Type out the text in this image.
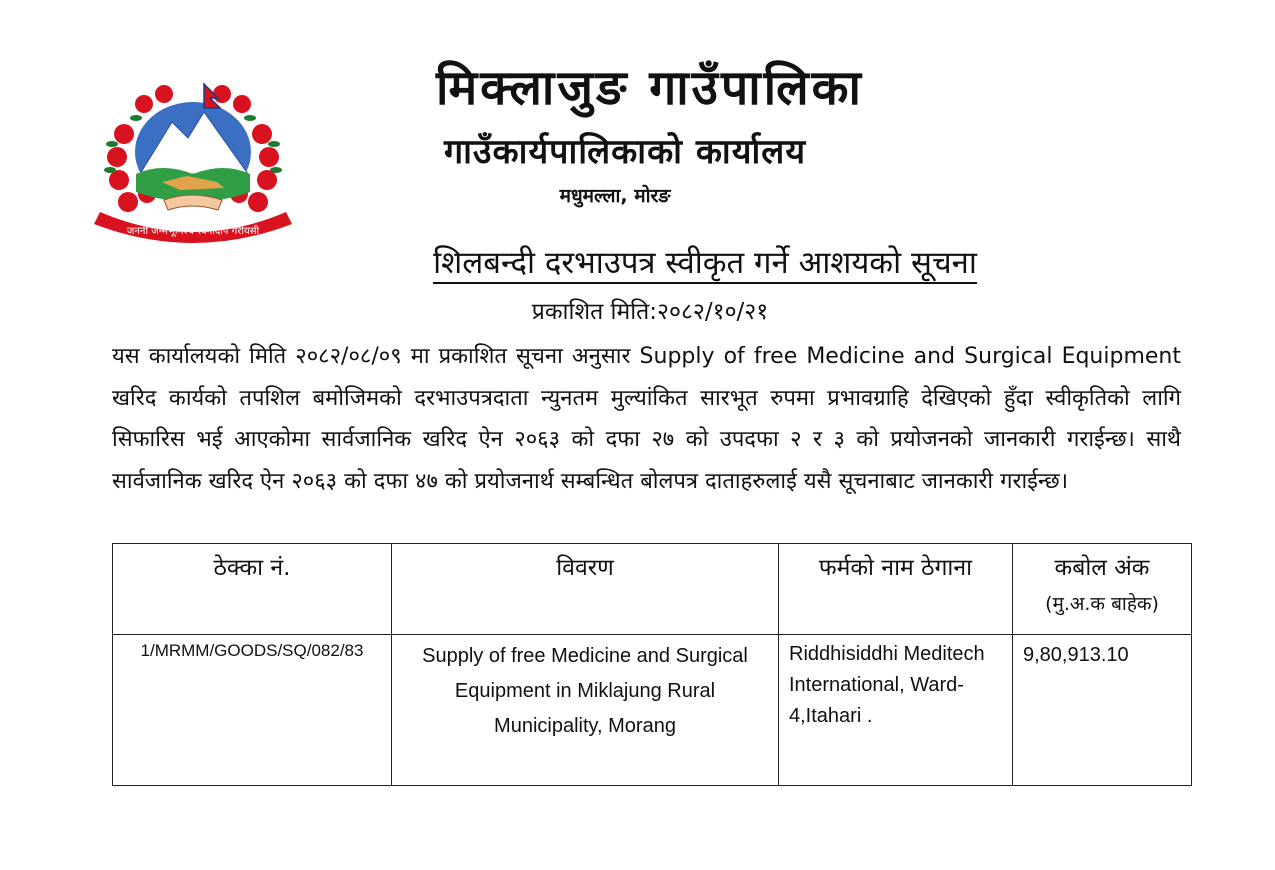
जननी जन्मभूमिश्च स्वर्गादपि गरीयसी
मिक्लाजुङ गाउँपालिका
गाउँकार्यपालिकाको कार्यालय
मधुमल्ला, मोरङ
शिलबन्दी दरभाउपत्र स्वीकृत गर्ने आशयको सूचना
प्रकाशित मिति:२०८२/१०/२१
यस कार्यालयको मिति २०८२/०८/०९ मा प्रकाशित सूचना अनुसार Supply of free Medicine and Surgical Equipment खरिद कार्यको तपशिल बमोजिमको दरभाउपत्रदाता न्युनतम मुल्यांकित सारभूत रुपमा प्रभावग्राहि देखिएको हुँदा स्वीकृतिको लागि सिफारिस भई आएकोमा सार्वजानिक खरिद ऐन २०६३ को दफा २७ को उपदफा २ र ३ को प्रयोजनको जानकारी गराईन्छ। साथै सार्वजानिक खरिद ऐन २०६३ को दफा ४७ को प्रयोजनार्थ सम्बन्धित बोलपत्र दाताहरुलाई यसै सूचनाबाट जानकारी गराईन्छ।
ठेक्का नं.	विवरण	फर्मको नाम ठेगाना	कबोल अंक
(मु.अ.क बाहेक)

1/MRMM/GOODS/SQ/082/83	Supply of free Medicine and Surgical Equipment in Miklajung Rural Municipality, Morang	Riddhisiddhi Meditech International, Ward-4,Itahari .	9,80,913.10
